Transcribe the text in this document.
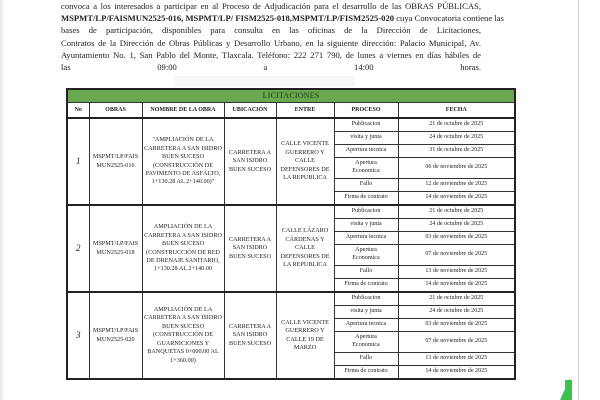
convoca a los interesados a participar en al Proceso de Adjudicación para el desarrollo de las OBRAS PÚBLICAS,
MSPMT/LP/FAISMUN2525-016, MSPMT/LP/ FISM2525-018,MSPMT/LP/FISM2525-020 cuya Convocatoria contiene las
bases de participación, disponibles para consulta en las oficinas de la Dirección de Licitaciones,
Contratos de la Dirección de Obras Públicas y Desarrollo Urbano, en la siguiente dirección: Palacio Municipal, Av.
Ayuntamiento No. 1, San Pablo del Monte, Tlaxcala. Teléfono: 222 271 790, de lunes a viernes en días hábiles de
las	09:00	a	14:00	horas.
LICITACIONES						
No	OBRAS	NOMBRE DE LA OBRA	UBICACIÓN	ENTRE	PROCESO	FECHA
1	MSPMT/LP/FAISMUN2525-016	"AMPLIACIÓN DE LA CARRETERA A SAN ISIDRO BUEN SUCESO (CONSTRUCCIÓN DE PAVIMENTO DE ASFÁLTO, 1+130.28 AL 2+140.00)"	CARRETERA A SAN ISIDRO BUEN SUCESO	CALLE VICENTE GUERRERO Y CALLE DEFENSORES DE LA REPUBLICA	Publicacion	21 de octubre de 2025
					visita y junta	24 de octubre de 2025
					Apertura tecnica	31 de octubre de 2025
					Apertura Economica	06 de noviembre de 2025
					Fallo	12 de noviembre de 2025
					Firma de contrato	14 de noviembre de 2025
2	MSPMT/LP/FAISMUN2525-018	AMPLIACIÓN DE LA CARRETERA A SAN ISIDRO BUEN SUCESO (CONSTRUCCIÓN DE RED DE DRENAJE SANITARIO, 1+130.28 AL 2+140.00	CARRETERA A SAN ISIDRO BUEN SUCESO	CALLE LÁZARO CÁRDENAS Y CALLE DEFENSORES DE LA REPUBLICA	Publicacion	21 de octubre de 2025
					visita y junta	24 de octubre de 2025
					Apertura tecnica	03 de noviembre de 2025
					Apertura Economica	07 de noviembre de 2025
					Fallo	13 de noviembre de 2025
					Firma de contrato	14 de noviembre de 2025
3	MSPMT/LP/FAISMUN2525-020	AMPLIACIÓN DE LA CARRETERA A SAN ISIDRO BUEN SUCESO (CONSTRUCCIÓN DE GUARNICIONES Y BANQUETAS 0+000.00 AL 1+360.00)	CARRETERA A SAN ISIDRO BUEN SUCESO	CALLE VICENTE GUERRERO Y CALLE 19 DE MARZO	Publicacion	21 de octubre de 2025
					visita y junta	24 de octubre de 2025
					Apertura tecnica	03 de noviembre de 2025
					Apertura Economica	07 de noviembre de 2025
					Fallo	13 de noviembre de 2025
					Firma de contrato	14 de noviembre de 2025
